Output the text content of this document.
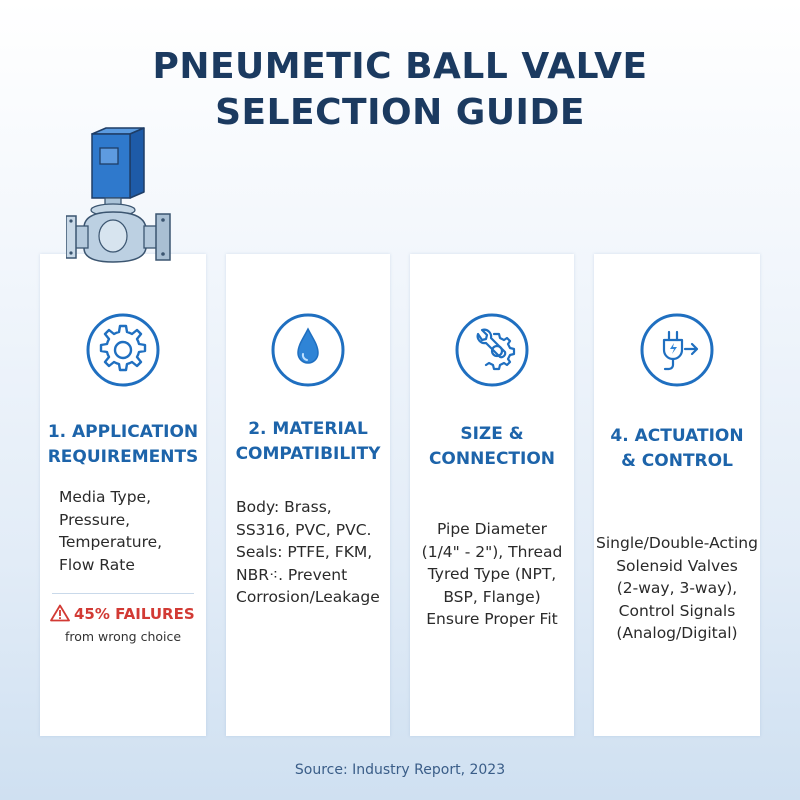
PNEUMETIC BALL VALVE
SELECTION GUIDE
1. APPLICATION
REQUIREMENTS
Media Type,
Pressure,
Temperature,
Flow Rate
45% FAILURES
from wrong choice
2. MATERIAL
COMPATIBILITY
Body: Brass,
SS316, PVC, PVC.
Seals: PTFE, FKM,
NBR⁖. Prevent
Corrosion/Leakage
SIZE &
CONNECTION
Pipe Diameter
(1/4" - 2"), Thread
Tyred Type (NPT,
BSP, Flange)
Ensure Proper Fit
4. ACTUATION
& CONTROL
Single/Double-Acting
Solenɘid Valves
(2-way, 3-way),
Control Signals
(Analog/Digital)
Source: Industry Report, 2023
